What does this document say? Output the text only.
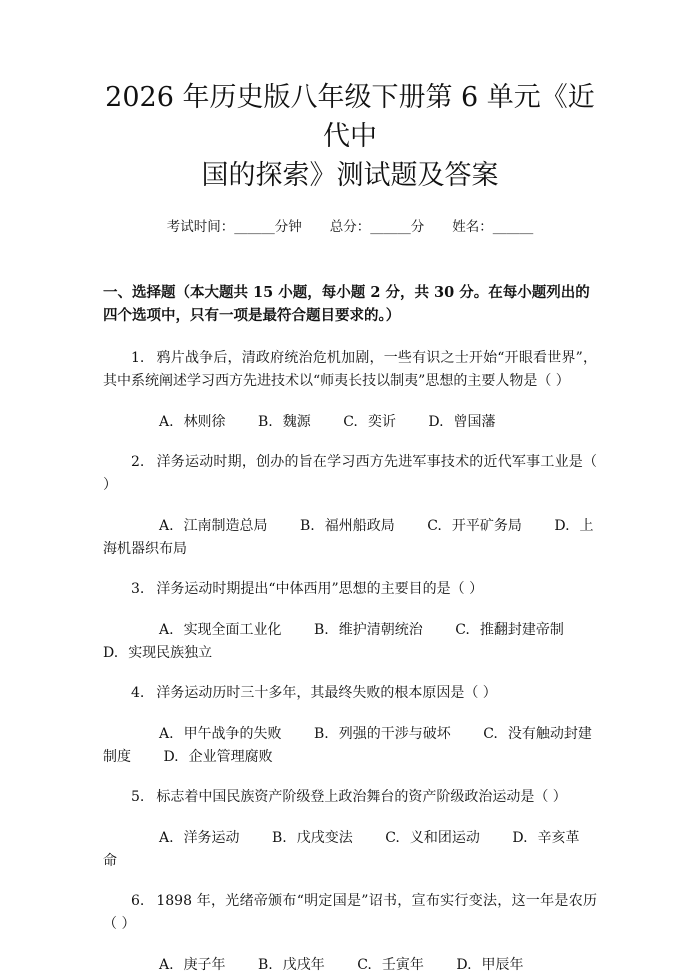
2026 年历史版八年级下册第 6 单元《近代中
国的探索》测试题及答案
考试时间：______分钟 总分：______分 姓名：______
一、选择题（本大题共 15 小题，每小题 2 分，共 30 分。在每小题列出的四个选项中，只有一项是最符合题目要求的。）
1. 鸦片战争后，清政府统治危机加剧，一些有识之士开始“开眼看世界”，其中系统阐述学习西方先进技术以“师夷长技以制夷”思想的主要人物是（ ）
A. 林则徐 B. 魏源 C. 奕䜣 D. 曾国藩
2. 洋务运动时期，创办的旨在学习西方先进军事技术的近代军事工业是（ ）
A. 江南制造总局 B. 福州船政局 C. 开平矿务局 D. 上海机器织布局
3. 洋务运动时期提出“中体西用”思想的主要目的是（ ）
A. 实现全面工业化 B. 维护清朝统治 C. 推翻封建帝制 D. 实现民族独立
4. 洋务运动历时三十多年，其最终失败的根本原因是（ ）
A. 甲午战争的失败 B. 列强的干涉与破坏 C. 没有触动封建制度 D. 企业管理腐败
5. 标志着中国民族资产阶级登上政治舞台的资产阶级政治运动是（ ）
A. 洋务运动 B. 戊戌变法 C. 义和团运动 D. 辛亥革命
6. 1898 年，光绪帝颁布“明定国是”诏书，宣布实行变法，这一年是农历（ ）
A. 庚子年 B. 戊戌年 C. 壬寅年 D. 甲辰年
